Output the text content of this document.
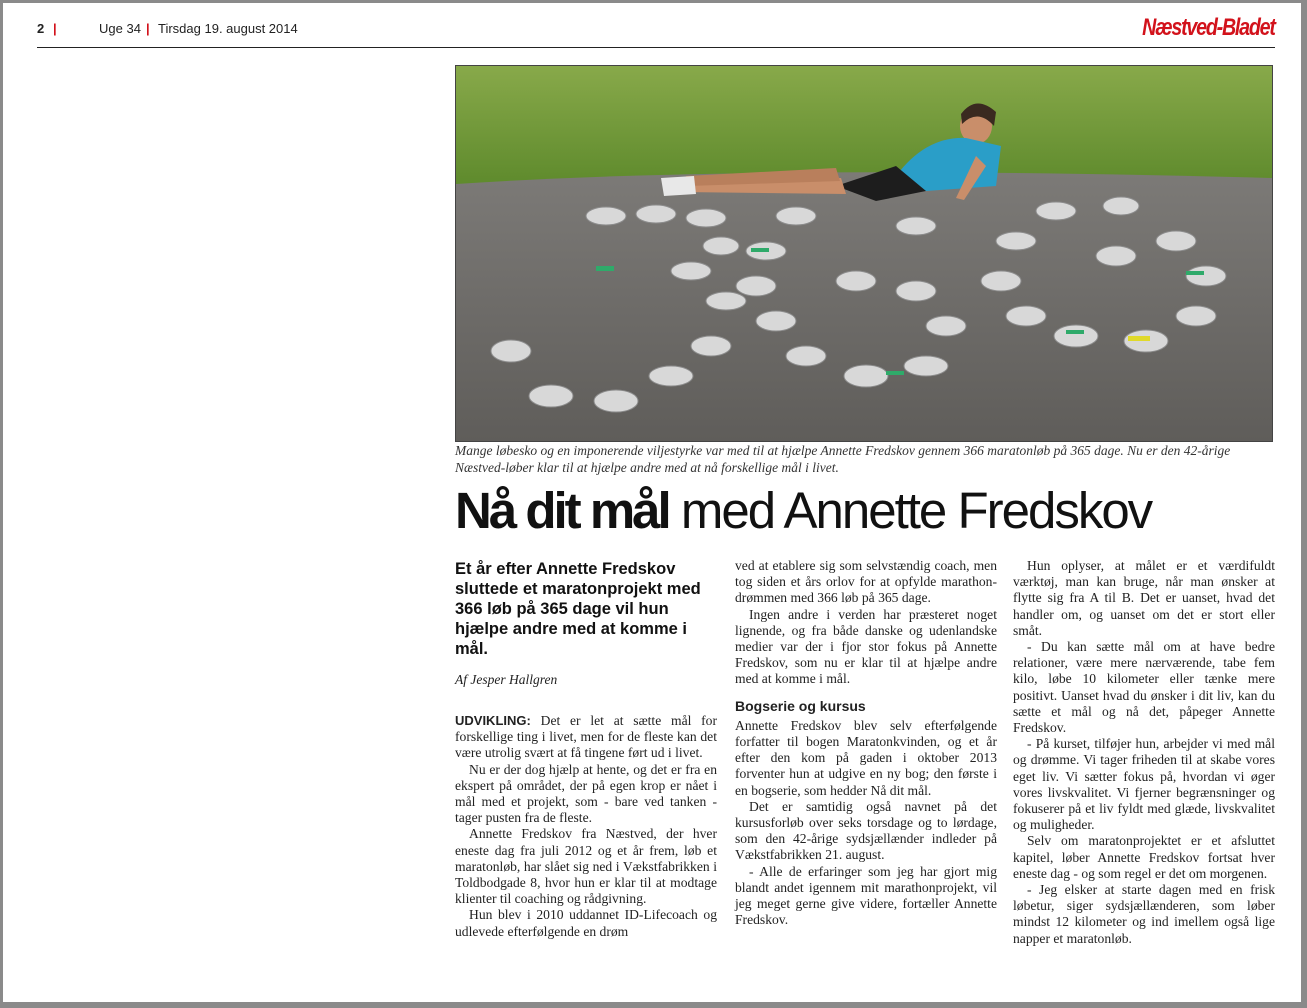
2 |	Uge 34 | Tirsdag 19. august 2014	Næstved-Bladet
Mange løbesko og en imponerende viljestyrke var med til at hjælpe Annette Fredskov gennem 366 maratonløb på 365 dage. Nu er den 42-årige Næstved-løber klar til at hjælpe andre med at nå forskellige mål i livet.
Nå dit mål med Annette Fredskov
Et år efter Annette Fredskov sluttede et maratonprojekt med 366 løb på 365 dage vil hun hjælpe andre med at komme i mål.
Af Jesper Hallgren

UDVIKLING: Det er let at sætte mål for forskellige ting i livet, men for de fleste kan det være utrolig svært at få tingene ført ud i livet.

Nu er der dog hjælp at hente, og det er fra en ekspert på området, der på egen krop er nået i mål med et projekt, som - bare ved tanken - tager pusten fra de fleste.

Annette Fredskov fra Næstved, der hver eneste dag fra juli 2012 og et år frem, løb et maratonløb, har slået sig ned i Vækstfabrikken i Toldbodgade 8, hvor hun er klar til at modtage klienter til coaching og rådgivning.

Hun blev i 2010 uddannet ID-Lifecoach og udlevede efterfølgende en drøm

ved at etablere sig som selvstændig coach, men tog siden et års orlov for at opfylde marathon-drømmen med 366 løb på 365 dage.

Ingen andre i verden har præsteret noget lignende, og fra både danske og udenlandske medier var der i fjor stor fokus på Annette Fredskov, som nu er klar til at hjælpe andre med at komme i mål.

Bogserie og kursus

Annette Fredskov blev selv efterfølgende forfatter til bogen Maratonkvinden, og et år efter den kom på gaden i oktober 2013 forventer hun at udgive en ny bog; den første i en bogserie, som hedder Nå dit mål.

Det er samtidig også navnet på det kursusforløb over seks torsdage og to lørdage, som den 42-årige sydsjællænder indleder på Vækstfabrikken 21. august.

- Alle de erfaringer som jeg har gjort mig blandt andet igennem mit marathonprojekt, vil jeg meget gerne give videre, fortæller Annette Fredskov.

Hun oplyser, at målet er et værdifuldt værktøj, man kan bruge, når man ønsker at flytte sig fra A til B. Det er uanset, hvad det handler om, og uanset om det er stort eller småt.

- Du kan sætte mål om at have bedre relationer, være mere nærværende, tabe fem kilo, løbe 10 kilometer eller tænke mere positivt. Uanset hvad du ønsker i dit liv, kan du sætte et mål og nå det, påpeger Annette Fredskov.

- På kurset, tilføjer hun, arbejder vi med mål og drømme. Vi tager friheden til at skabe vores eget liv. Vi sætter fokus på, hvordan vi øger vores livskvalitet. Vi fjerner begrænsninger og fokuserer på et liv fyldt med glæde, livskvalitet og muligheder.

Selv om maratonprojektet er et afsluttet kapitel, løber Annette Fredskov fortsat hver eneste dag - og som regel er det om morgenen.

- Jeg elsker at starte dagen med en frisk løbetur, siger sydsjællænderen, som løber mindst 12 kilometer og ind imellem også lige napper et maratonløb.
